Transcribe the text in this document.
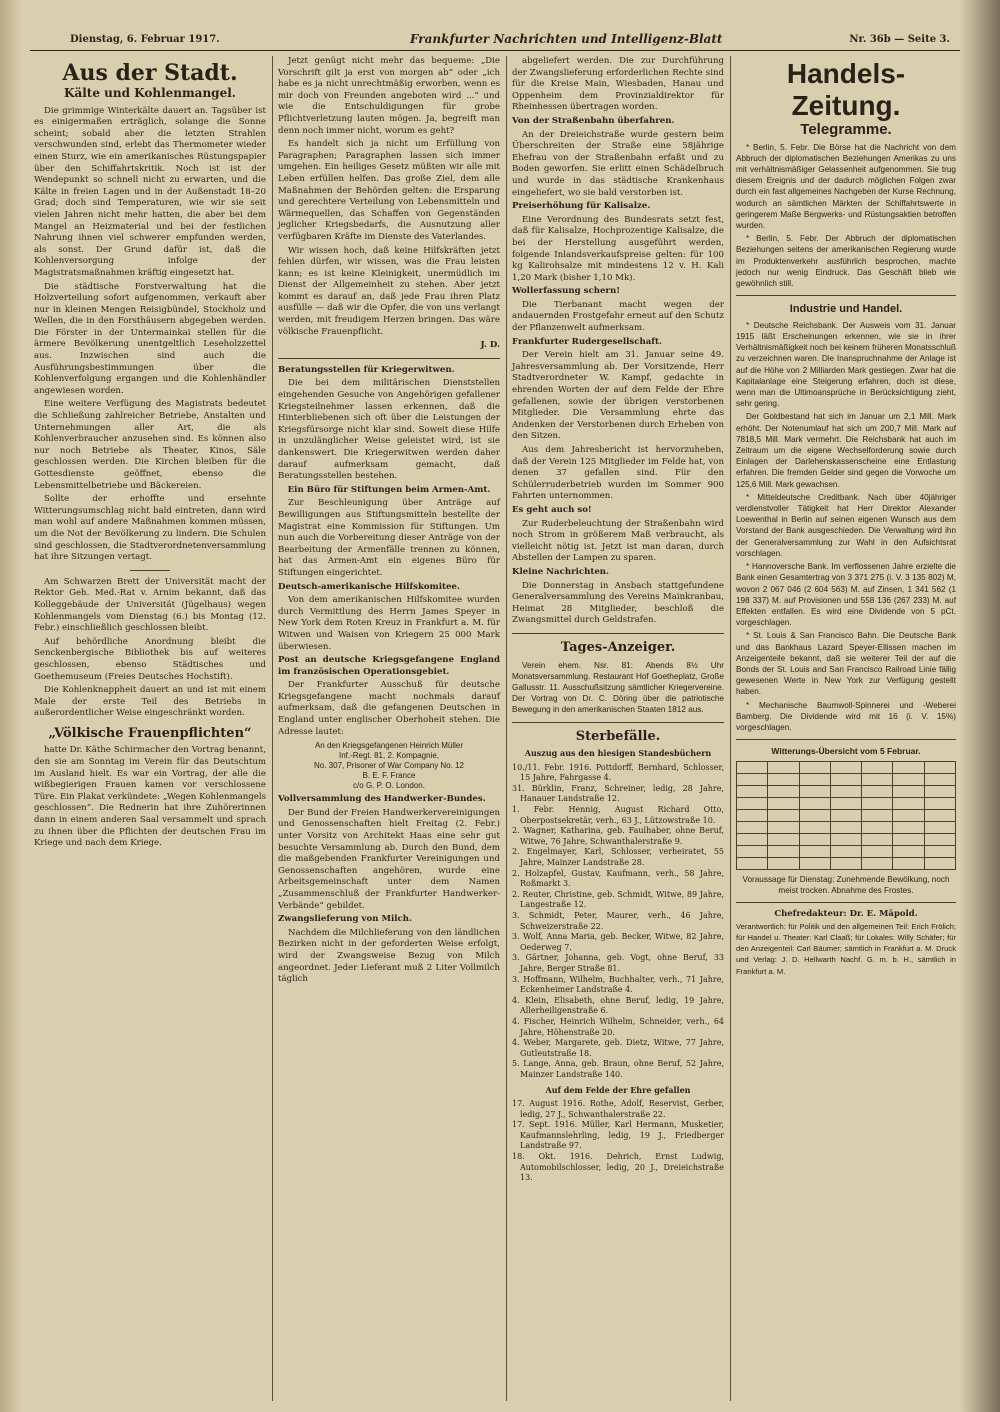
Dienstag, 6. Februar 1917.	Frankfurter Nachrichten und Intelligenz-Blatt	Nr. 36b — Seite 3.
Aus der Stadt.
Kälte und Kohlenmangel.

Die grimmige Winterkälte dauert an. Tagsüber ist es einigermaßen erträglich, solange die Sonne scheint; sobald aber die letzten Strahlen verschwunden sind, erlebt das Thermometer wieder einen Sturz, wie ein amerikanisches Rüstungspapier über den Schiffahrtskritik. Noch ist ist der Wendepunkt so schnell nicht zu erwarten, und die Kälte in freien Lagen und in der Außenstadt 18–20 Grad; doch sind Temperaturen, wie wir sie seit vielen Jahren nicht mehr hatten, die aber bei dem Mangel an Heizmaterial und bei der festlichen Nahrung ihnen viel schwerer empfunden werden, als sonst. Der Grund dafür ist, daß die Kohlenversorgung infolge der Magistratsmaßnahmen kräftig eingesetzt hat.

Die städtische Forstverwaltung hat die Holzverteilung sofort aufgenommen, verkauft aber nur in kleinen Mengen Reisigbündel, Stockholz und Wellen, die in den Forsthäusern abgegeben werden. Die Förster in der Untermainkai stellen für die ärmere Bevölkerung unentgeltlich Leseholzzettel aus. Inzwischen sind auch die Ausführungsbestimmungen über die Kohlenverfolgung ergangen und die Kohlenhändler angewiesen worden.

Eine weitere Verfügung des Magistrats bedeutet die Schließung zahlreicher Betriebe, Anstalten und Unternehmungen aller Art, die als Kohlenverbraucher anzusehen sind. Es können also nur noch Betriebe als Theater, Kinos, Säle geschlossen werden. Die Kirchen bleiben für die Gottesdienste geöffnet, ebenso die Lebensmittelbetriebe und Bäckereien.

Sollte der erhoffte und ersehnte Witterungsumschlag nicht bald eintreten, dann wird man wohl auf andere Maßnahmen kommen müssen, um die Not der Bevölkerung zu lindern. Die Schulen sind geschlossen, die Stadtverordnetenversammlung hat ihre Sitzungen vertagt.

Am Schwarzen Brett der Universität macht der Rektor Geh. Med.-Rat v. Arnim bekannt, daß das Kolleggebäude der Universität (Jügelhaus) wegen Kohlenmangels vom Dienstag (6.) bis Montag (12. Febr.) einschließlich geschlossen bleibt.

Auf behördliche Anordnung bleibt die Senckenbergische Bibliothek bis auf weiteres geschlossen, ebenso Städtisches und Goethemuseum (Freies Deutsches Hochstift).

Die Kohlenknappheit dauert an und ist mit einem Male der erste Teil des Betriebs in außerordentlicher Weise eingeschränkt worden.

„Völkische Frauenpflichten“

hatte Dr. Käthe Schirmacher den Vortrag benannt, den sie am Sonntag im Verein für das Deutschtum im Ausland hielt. Es war ein Vortrag, der alle die wißbegierigen Frauen kamen vor verschlossene Türe. Ein Plakat verkündete: „Wegen Kohlenmangels geschlossen“. Die Rednerin hat ihre Zuhörerinnen dann in einem anderen Saal versammelt und sprach zu ihnen über die Pflichten der deutschen Frau im Kriege und nach dem Kriege.

Jetzt genügt nicht mehr das bequeme: „Die Vorschrift gilt ja erst von morgen ab“ oder „ich habe es ja nicht unrechtmäßig erworben, wenn es mir doch von Freunden angeboten wird ...“ und wie die Entschuldigungen für grobe Pflichtverletzung lauten mögen. Ja, begreift man denn noch immer nicht, worum es geht?

Es handelt sich ja nicht um Erfüllung von Paragraphen; Paragraphen lassen sich immer umgehen. Ein heiliges Gesetz müßten wir alle mit Leben erfüllen helfen. Das große Ziel, dem alle Maßnahmen der Behörden gelten: die Ersparung und gerechtere Verteilung von Lebensmitteln und Wärmequellen, das Schaffen von Gegenständen jeglicher Kriegsbedarfs, die Ausnutzung aller verfügbaren Kräfte im Dienste des Vaterlandes.

Wir wissen hoch, daß keine Hilfskräften jetzt fehlen dürfen, wir wissen, was die Frau leisten kann; es ist keine Kleinigkeit, unermüdlich im Dienst der Allgemeinheit zu stehen. Aber jetzt kommt es darauf an, daß jede Frau ihren Platz ausfülle — daß wir die Opfer, die von uns verlangt werden, mit freudigem Herzen bringen. Das wäre völkische Frauenpflicht.

J. D.

Beratungsstellen für Kriegerwitwen.

Die bei dem militärischen Dienststellen eingehenden Gesuche von Angehörigen gefallener Kriegsteilnehmer lassen erkennen, daß die Hinterbliebenen sich oft über die Leistungen der Kriegsfürsorge nicht klar sind. Soweit diese Hilfe in unzulänglicher Weise geleistet wird, ist sie dankenswert. Die Kriegerwitwen werden daher darauf aufmerksam gemacht, daß Beratungsstellen bestehen.

Ein Büro für Stiftungen beim Armen-Amt.

Zur Beschleunigung über Anträge auf Bewilligungen aus Stiftungsmitteln bestellte der Magistrat eine Kommission für Stiftungen. Um nun auch die Vorbereitung dieser Anträge von der Bearbeitung der Armenfälle trennen zu können, hat das Armen-Amt ein eigenes Büro für Stiftungen eingerichtet.

Deutsch-amerikanische Hilfskomitee.

Von dem amerikanischen Hilfskomitee wurden durch Vermittlung des Herrn James Speyer in New York dem Roten Kreuz in Frankfurt a. M. für Witwen und Waisen von Kriegern 25 000 Mark überwiesen.

Post an deutsche Kriegsgefangene England im französischen Operationsgebiet.

Der Frankfurter Ausschuß für deutsche Kriegsgefangene macht nochmals darauf aufmerksam, daß die gefangenen Deutschen in England unter englischer Oberhoheit stehen. Die Adresse lautet:

An den Kriegsgefangenen Heinrich Müller
Inf.-Regt. 81, 2. Kompagnie,
No. 307, Prisoner of War Company No. 12
B. E. F. France
c/o G. P. O. London.

Vollversammlung des Handwerker-Bundes.

Der Bund der Freien Handwerkervereinigungen und Genossenschaften hielt Freitag (2. Febr.) unter Vorsitz von Architekt Haas eine sehr gut besuchte Versammlung ab. Durch den Bund, dem die maßgebenden Frankfurter Vereinigungen und Genossenschaften angehören, wurde eine Arbeitsgemeinschaft unter dem Namen „Zusammenschluß der Frankfurter Handwerker-Verbände“ gebildet.

Zwangslieferung von Milch.

Nachdem die Milchlieferung von den ländlichen Bezirken nicht in der geforderten Weise erfolgt, wird der Zwangsweise Bezug von Milch angeordnet. Jeder Lieferant muß 2 Liter Vollmilch täglich

abgeliefert werden. Die zur Durchführung der Zwangslieferung erforderlichen Rechte sind für die Kreise Main, Wiesbaden, Hanau und Oppenheim dem Provinzialdirektor für Rheinhessen übertragen worden.

Von der Straßenbahn überfahren.

An der Dreieichstraße wurde gestern beim Überschreiten der Straße eine 58jährige Ehefrau von der Straßenbahn erfaßt und zu Boden geworfen. Sie erlitt einen Schädelbruch und wurde in das städtische Krankenhaus eingeliefert, wo sie bald verstorben ist.

Preiserhöhung für Kalisalze.

Eine Verordnung des Bundesrats setzt fest, daß für Kalisalze, Hochprozentige Kalisalze, die bei der Herstellung ausgeführt werden, folgende Inlandsverkaufspreise gelten: für 100 kg Kalirohsalze mit mindestens 12 v. H. Kali 1,20 Mark (bisher 1,10 Mk).

Wollerfassung schern!

Die Tierbanant macht wegen der andauernden Frostgefahr erneut auf den Schutz der Pflanzenwelt aufmerksam.

Frankfurter Rudergesellschaft.

Der Verein hielt am 31. Januar seine 49. Jahresversammlung ab. Der Vorsitzende, Herr Stadtverordneter W. Kampf, gedachte in ehrenden Worten der auf dem Felde der Ehre gefallenen, sowie der übrigen verstorbenen Mitglieder. Die Versammlung ehrte das Andenken der Verstorbenen durch Erheben von den Sitzen.

Aus dem Jahresbericht ist hervorzuheben, daß der Verein 125 Mitglieder im Felde hat, von denen 37 gefallen sind. Für den Schülerruderbetrieb wurden im Sommer 900 Fahrten unternommen.

Es geht auch so!

Zur Ruderbeleuchtung der Straßenbahn wird noch Strom in größerem Maß verbraucht, als vielleicht nötig ist. Jetzt ist man daran, durch Abstellen der Lampen zu sparen.

Kleine Nachrichten.

Die Donnerstag in Ansbach stattgefundene Generalversammlung des Vereins Mainkranbau, Heimat 28 Mitglieder, beschloß die Zwangsmittel durch Geldstrafen.

Tages-Anzeiger.

Verein ehem. Nsr. 81: Abends 8½ Uhr Monatsversammlung. Restaurant Hof Goetheplatz, Große Gallusstr. 11. Ausschußsitzung sämtlicher Kriegervereine. Der Vortrag von Dr. C. Döring über die patriotische Bewegung in den amerikanischen Staaten 1812 aus.

Sterbefälle.
Auszug aus den hiesigen Standesbüchern
10./11. Febr. 1916. Pottdorff, Bernhard, Schlosser, 15 Jahre, Fahrgasse 4.
31. Bürklin, Franz, Schreiner, ledig, 28 Jahre, Hanauer Landstraße 12.
1. Febr. Hennig, August Richard Otto, Oberpostsekretär, verh., 63 J., Lützowstraße 10.
2. Wagner, Katharina, geb. Faulhaber, ohne Beruf, Witwe, 76 Jahre, Schwanthalerstraße 9.
2. Engelmayer, Karl, Schlosser, verheiratet, 55 Jahre, Mainzer Landstraße 28.
2. Holzapfel, Gustav, Kaufmann, verh., 58 Jahre, Roßmarkt 3.
2. Reuter, Christine, geb. Schmidt, Witwe, 89 Jahre, Langestraße 12.
3. Schmidt, Peter, Maurer, verh., 46 Jahre, Schweizerstraße 22.
3. Wolf, Anna Maria, geb. Becker, Witwe, 82 Jahre, Oederweg 7.
3. Gärtner, Johanna, geb. Vogt, ohne Beruf, 33 Jahre, Berger Straße 81.
3. Hoffmann, Wilhelm, Buchhalter, verh., 71 Jahre, Eckenheimer Landstraße 4.
4. Klein, Elisabeth, ohne Beruf, ledig, 19 Jahre, Allerheiligenstraße 6.
4. Fischer, Heinrich Wilhelm, Schneider, verh., 64 Jahre, Höhenstraße 20.
4. Weber, Margarete, geb. Dietz, Witwe, 77 Jahre, Gutleutstraße 18.
5. Lange, Anna, geb. Braun, ohne Beruf, 52 Jahre, Mainzer Landstraße 140.
Auf dem Felde der Ehre gefallen
17. August 1916. Rothe, Adolf, Reservist, Gerber, ledig, 27 J., Schwanthalerstraße 22.
17. Sept. 1916. Müller, Karl Hermann, Musketier, Kaufmannslehrling, ledig, 19 J., Friedberger Landstraße 97.
18. Okt. 1916. Dehrich, Ernst Ludwig, Automobilschlosser, ledig, 20 J., Dreieichstraße 13.
Handels-Zeitung.
Telegramme.

* Berlin, 5. Febr. Die Börse hat die Nachricht von dem Abbruch der diplomatischen Beziehungen Amerikas zu uns mit verhältnismäßiger Gelassenheit aufgenommen. Sie trug diesem Ereignis und der dadurch möglichen Folgen zwar durch ein fast allgemeines Nachgeben der Kurse Rechnung, wodurch an sämtlichen Märkten der Schiffahrtswerte in geringerem Maße Bergwerks- und Rüstungsaktien betroffen wurden.

* Berlin, 5. Febr. Der Abbruch der diplomatischen Beziehungen seitens der amerikanischen Regierung wurde im Produktenverkehr ausführlich besprochen, machte jedoch nur wenig Eindruck. Das Geschäft blieb wie gewöhnlich still.

Industrie und Handel.

* Deutsche Reichsbank. Der Ausweis vom 31. Januar 1915 läßt Erscheinungen erkennen, wie sie in ihrer Verhältnismäßigkeit noch bei keinem früheren Monatsschluß zu verzeichnen waren. Die Inanspruchnahme der Anlage ist auf die Höhe von 2 Milliarden Mark gestiegen. Zwar hat die Kapitalanlage eine Steigerung erfahren, doch ist diese, wenn man die Ultimoansprüche in Berücksichtigung zieht, sehr gering.

Der Goldbestand hat sich im Januar um 2,1 Mill. Mark erhöht. Der Notenumlauf hat sich um 200,7 Mill. Mark auf 7818,5 Mill. Mark vermehrt. Die Reichsbank hat auch im Zeitraum um die eigene Wechselforderung sowie durch Einlagen der Darlehenskassenscheine eine Entlastung erfahren. Die fremden Gelder sind gegen die Vorwoche um 125,6 Mill. Mark gewachsen.

* Mitteldeutsche Creditbank. Nach über 40jähriger verdienstvoller Tätigkeit hat Herr Direktor Alexander Loewenthal in Berlin auf seinen eigenen Wunsch aus dem Vorstand der Bank ausgeschieden. Die Verwaltung wird ihn der Generalversammlung zur Wahl in den Aufsichtsrat vorschlagen.

* Hannoversche Bank. Im verflossenen Jahre erzielte die Bank einen Gesamtertrag von 3 371 275 (i. V. 3 135 802) M, wovon 2 067 046 (2 604 563) M. auf Zinsen, 1 341 562 (1 198 337) M. auf Provisionen und 558 136 (267 233) M. auf Effekten entfallen. Es wird eine Dividende von 5 pCt. vorgeschlagen.

* St. Louis & San Francisco Bahn. Die Deutsche Bank und das Bankhaus Lazard Speyer-Ellissen machen im Anzeigenteile bekannt, daß sie weiterer Teil der auf die Bonds der St. Louis and San Francisco Railroad Linie fällig gewesenen Werte in New York zur Verfügung gestellt haben.

* Mechanische Baumwoll-Spinnerei und -Weberei Bamberg. Die Dividende wird mit 16 (i. V. 15%) vorgeschlagen.

Witterungs-Übersicht vom 5 Februar.

Voraussage für Dienstag: Zunehmende Bewölkung, noch meist trocken. Abnahme des Frostes.

Chefredakteur: Dr. E. Mäpold.

Verantwortlich: für Politik und den allgemeinen Teil: Erich Frölich; für Handel u. Theater: Karl Claaß; für Lokales: Willy Schäfer; für den Anzeigenteil: Carl Bäumer; sämtlich in Frankfurt a. M. Druck und Verlag: J. D. Hellwarth Nachf. G. m. b. H., sämtlich in Frankfurt a. M.
